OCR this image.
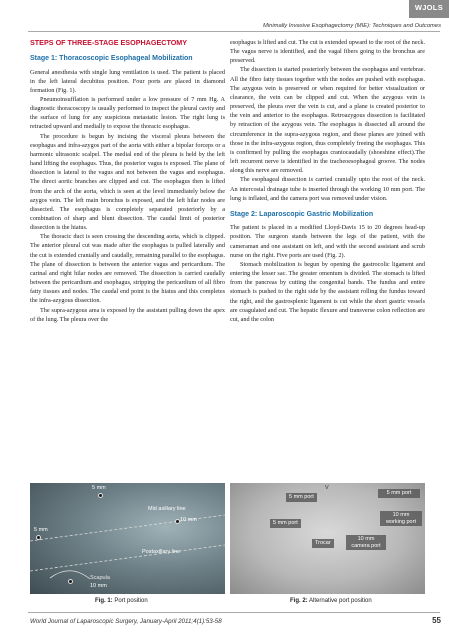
WJOLS
Minimally Invasive Esophagectomy (MIE): Techniques and Outcomes
STEPS OF THREE-STAGE ESOPHAGECTOMY
Stage 1: Thoracoscopic Esophageal Mobilization

General anesthesia with single lung ventilation is used. The patient is placed in the left lateral decubitus position. Four ports are placed in diamond formation (Fig. 1).

Pneumoinsufflation is performed under a low pressure of 7 mm Hg. A diagnostic thoracoscopy is usually performed to inspect the pleural cavity and the surface of lung for any suspicious metastatic lesion. The right lung is retracted upward and medially to expose the thoracic esophagus.

The procedure is begun by incising the visceral pleura between the esophagus and infra-azygos part of the aorta with either a bipolar forceps or a harmonic ultrasonic scalpel. The medial end of the pleura is held by the left hand lifting the esophagus. Thus, the posterior vagus is exposed. The plane of dissection is lateral to the vagus and not between the vagus and esophagus. The direct aortic branches are clipped and cut. The esophagus then is lifted from the arch of the aorta, which is seen at the level immediately below the azygos vein. The left main bronchus is exposed, and the left hilar nodes are dissected. The esophagus is completely separated posteriorly by a combination of sharp and blunt dissection. The caudal limit of posterior dissection is the hiatus.

The thoracic duct is seen crossing the descending aorta, which is clipped. The anterior pleural cut was made after the esophagus is pulled laterally and the cut is extended cranially and caudally, remaining parallel to the esophagus. The plane of dissection is between the anterior vagus and pericardium. The carinal and right hilar nodes are removed. The dissection is carried caudally between the pericardium and esophagus, stripping the pericardium of all fibro fatty tissues and nodes. The caudal end point is the hiatus and this completes the infra-azygous dissection.

The supra-azygous area is exposed by the assistant pulling down the apex of the lung. The pleura over the

esophagus is lifted and cut. The cut is extended upward to the root of the neck. The vagus nerve is identified, and the vagal fibers going to the bronchus are preserved.

The dissection is started posteriorly between the esophagus and vertebrae. All the fibro fatty tissues together with the nodes are pushed with esophagus. The azygous vein is preserved or when required for better visualization or clearance, the vein can be clipped and cut. When the azygous vein is preserved, the pleura over the vein is cut, and a plane is created posterior to the vein and anterior to the esophagus. Retroazygous dissection is facilitated by retraction of the azygous vein. The esophagus is dissected all around the circumference in the supra-azygous region, and these planes are joined with those in the infra-azygous region, thus completely freeing the esophagus. This is confirmed by pulling the esophagus craniocaudally (shoeshine effect).The left recurrent nerve is identified in the tracheoesophageal groove. The nodes along this nerve are removed.

The esophageal dissection is carried cranially upto the root of the neck. An intercostal drainage tube is inserted through the working 10 mm port. The lung is inflated, and the camera port was removed under vision.

Stage 2: Laparoscopic Gastric Mobilization

The patient is placed in a modified Lloyd-Davis 15 to 20 degrees head-up position. The surgeon stands between the legs of the patient, with the cameraman and one assistant on left, and with the second assistant and scrub nurse on the right. Five ports are used (Fig. 2).

Stomach mobilization is begun by opening the gastrocolic ligament and entering the lesser sac. The greater omentum is divided. The stomach is lifted from the pancreas by cutting the congenital bands. The fundus and entire stomach is pushed to the right side by the assistant rolling the fundus toward the right, and the gastrosplenic ligament is cut while the short gastric vessels are coagulated and cut. The hepatic flexure and transverse colon reflection are cut, and the colon

5 mm
Mid axillary line
10 mm
5 mm
Postaxillary line
Scapula
10 mm
Fig. 1: Port position
V
5 mm port
5 mm port
10 mm working port
5 mm port
Trocar
10 mm camera port
Fig. 2: Alternative port position
World Journal of Laparoscopic Surgery, January-April 2011;4(1):53-58	55
